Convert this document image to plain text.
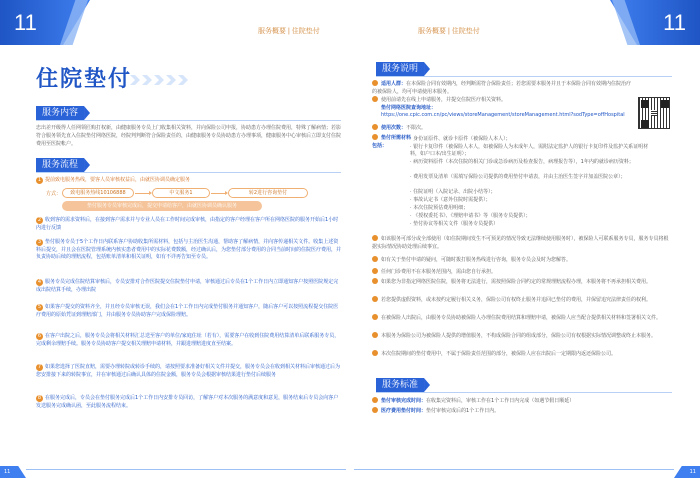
11	11
服务概要 | 住院垫付	服务概要 | 住院垫付
住院垫付
服务内容
忠出差开级得人任网领匠购打权新，由健康服务专员上门收集相关资料，并向保险公司申报，协助患方办理住院费用，特殊了解病情；若影符合服务领先直入住院垫付网络医院，经院判判断符合保险责任的，由健康服务专员协助患方办理事项，健康服务中心审核后立即支付住院费用至医院帐户。
服务流程
1 提前致电服务热线，要客人员审核权益后，由就医协调员确定服务
方式：	致电服务热线10106888	中文服务1	转2进行咨询垫付
垫付服务专员审核完成后，提交申请给客户，由就医协调员确认服务
2 收到客的需求资料后，在接到客户需求并与专业人员在工作时间完成审核，由指定的客户经理在客户所在网络医院的服务开始后1小时内进行反馈
3 垫付服务专员于5个工作日内联系客户协助收集所需材料，包括与主治医生沟通，帮助客了解病情，并向客传递相关文件。收集上述资料后提交，并且会在医院管理系统内核实患者费用中的实际花费数额，经过确认后，为您垫付部分费用的合同当前时间的住院医疗费用，并负责协助后续的理赔流程，包括账单清单和相关证明，如有不详再告知至专员。
4 服务专员完成住院结算审核后，专员安排对合作医院提交住院垫付申请，审核通过后专员在1个工作日内立即通知客户按照医院规定完成出院结算手续，办理出院
5 如果客户提交的资料齐全，并且经专员审核无误，我们会在1个工作日内完成垫付服务并通知客户，随后客户可以按照流程提交住院医疗费用的原始凭证到理赔部门，并由服务专员协助客户完成保险理赔。
6 在客户出院之后，服务专员会将相关材料汇总送至客户的单位/家庭住址（若有），需要客户在收到住院费用结算清单后联系服务专员，完成剩余理赔手续。服务专员协助客户提交相关理赔申请材料，并跟进理赔进度直至结案。
7 如果您选择了医院直赔，需要办理转院或转诊手续的，请按照要求准备好相关文件并提交，服务专员会在收到相关材料后审核通过后为您安排接下来的转院事宜，并在审核通过后确认具体的住院金额，服务专员会根据审核结果进行垫付后续服务
8 在服务完成后，专员会在垫付服务完成后1个工作日内安排专员回访，了解客户对本次服务的满意度和意见，服务结束后专员会向客户发送服务完成确认函，至此服务流程结束。
服务说明
适用人群：在本保险合同有效期内，经判断需符合保险责任；若您需要本服务并且于本保险合同有效期内住院治疗的被保险人，均可申请使用本服务。
使用前请先在线上申请服务，并提交住院医疗相关资料。
垫付网络医院查询地址：
https://one.cpic.com.cn/pc/views/storeManagement/storeManagement.html?sodType=offHospital
使用次数：不限次。
垫付所需材料包括：
· 身份证原件、就诊卡原件（被保险人本人）；
· 银行卡复印件（被保险人本人，如被保险人为未成年人，需附法定监护人的银行卡复印件及监护关系证明材料，如户口本/出生证明）；
· 病历资料原件（本次住院的相关门诊或急诊病历及检查报告，病理报告等），1年内的就诊病历资料；
· 费用发票及清单（需填写保险公司提供的费用垫付申请表，并由主治医生签字并加盖医院公章）；
· 住院证明（入院记录、出院小结等）；
· 事故认定书（意外住院时需提供）；
· 本次住院预估费用明细；
· 《授权委托书》、《理赔申请书》等（服务专员提供）；
· 垫付协议等相关文件（服务专员提供）
如该服务可部分或全部使用（如住院期间发生不可预见的情况导致无法继续使用服务时），被保险人可联系服务专员，服务专员将根据实际情况协助处理后续事宜。
如有关于垫付申请的疑问，可随时拨打服务热线进行咨询，服务专员会及时为您解答。
任何门诊费用不在本服务范围内，需由您自行承担。
如果您为非指定网络医院住院，服务将无法进行，需按照保险合同约定的常规理赔流程办理，本服务将不再承担相关费用。
若您提供虚假资料，或未按约定履行相关义务，保险公司有权终止服务并追回已垫付的费用，并保留追究法律责任的权利。
在被保险人出院后，由服务专员协助被保险人办理住院费用结算和理赔申请，被保险人应当配合提供相关材料和签署相关文件。
本服务为保险公司为被保险人提供的增值服务，不构成保险合同的组成部分，保险公司有权根据实际情况调整或终止本服务。
本次住院期间的垫付费用中，不属于保险责任范围的部分，被保险人应在出院后一定期限内返还保险公司。
服务标准
垫付审核完成时间：在收集完资料后，审核工作在1个工作日内完成（如遇节假日顺延）
医疗费用垫付时间：垫付审核完成后的1个工作日内。
11	11
